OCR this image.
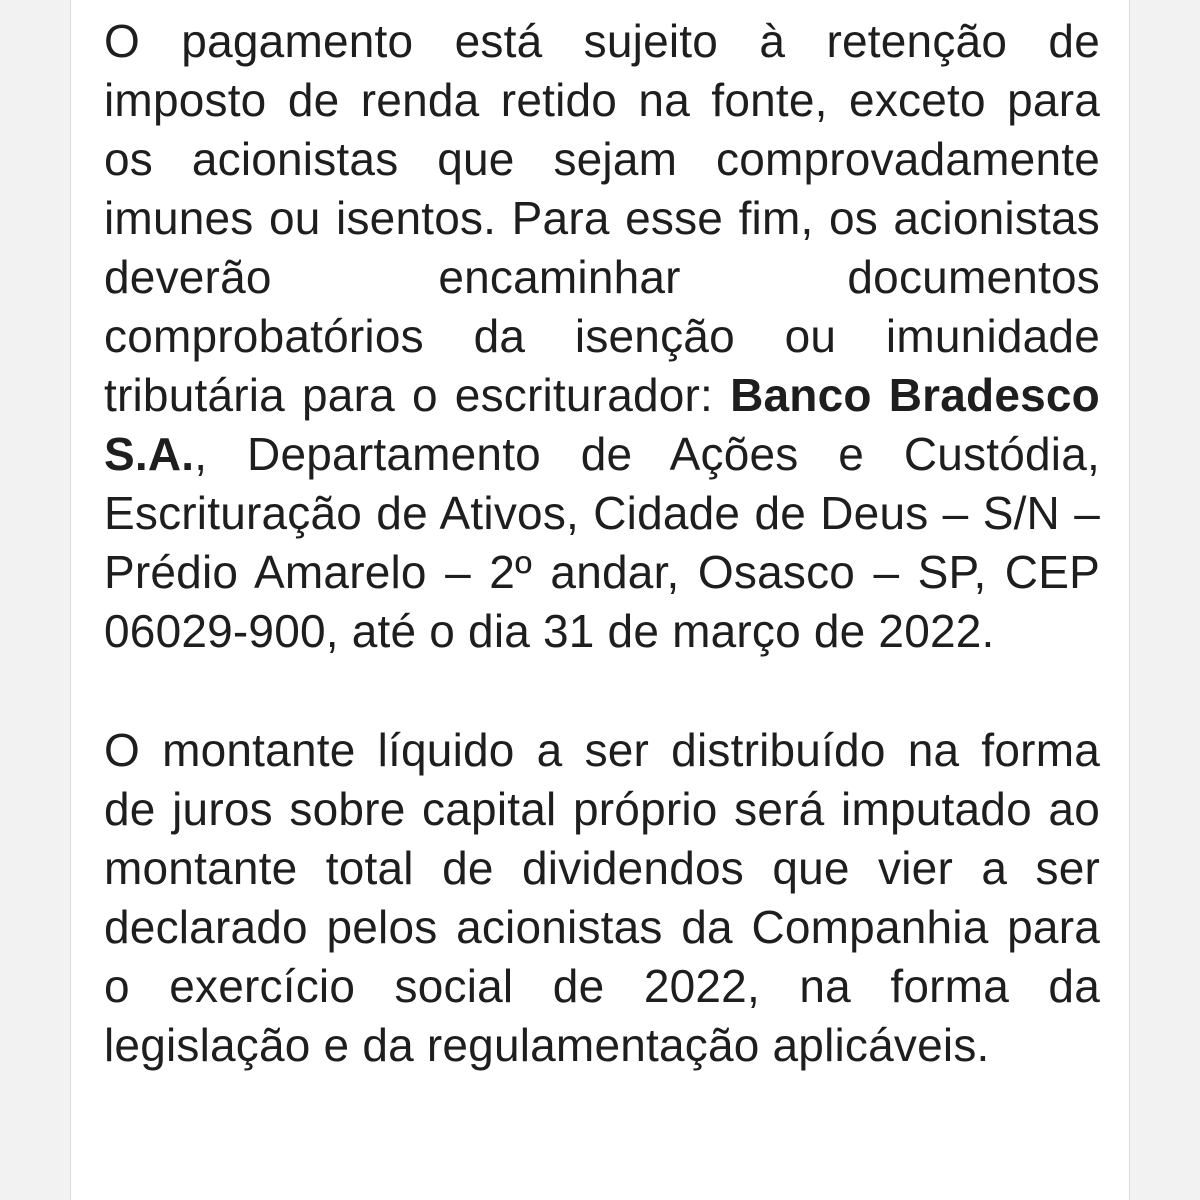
O pagamento está sujeito à retenção de imposto de renda retido na fonte, exceto para os acionistas que sejam comprovadamente imunes ou isentos. Para esse fim, os acionistas deverão encaminhar documentos comprobatórios da isenção ou imunidade tributária para o escriturador: Banco Bradesco S.A., Departamento de Ações e Custódia, Escrituração de Ativos, Cidade de Deus – S/N – Prédio Amarelo – 2º andar, Osasco – SP, CEP 06029-900, até o dia 31 de março de 2022.

O montante líquido a ser distribuído na forma de juros sobre capital próprio será imputado ao montante total de dividendos que vier a ser declarado pelos acionistas da Companhia para o exercício social de 2022, na forma da legislação e da regulamentação aplicáveis.
